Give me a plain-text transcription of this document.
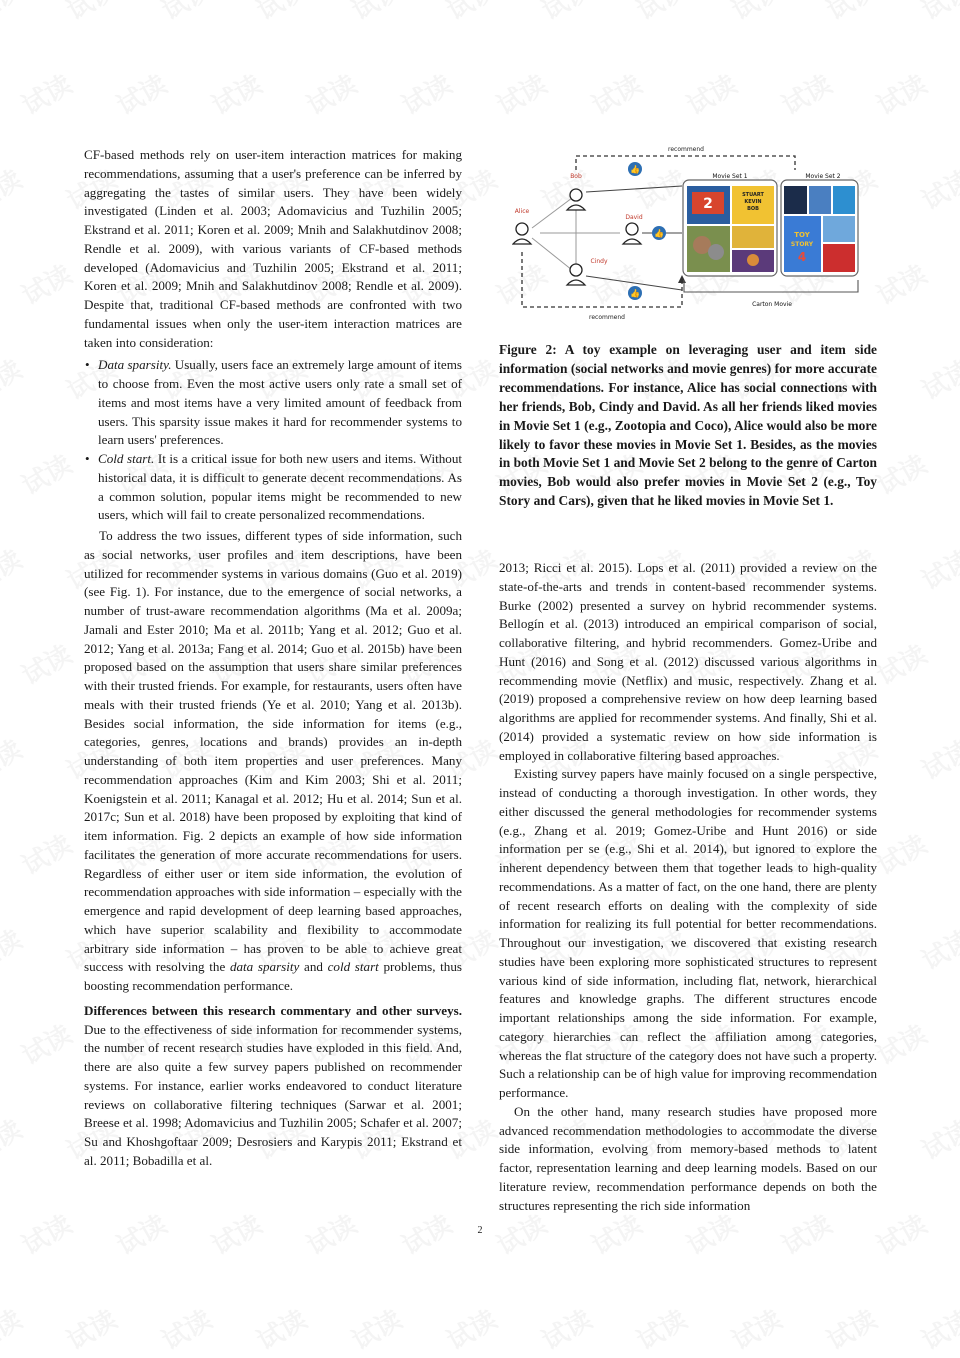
CF-based methods rely on user-item interaction matrices for making recommendations, assuming that a user's preference can be inferred by aggregating the tastes of similar users. They have been widely investigated (Linden et al. 2003; Adomavicius and Tuzhilin 2005; Ekstrand et al. 2011; Koren et al. 2009; Mnih and Salakhutdinov 2008; Rendle et al. 2009), with various variants of CF-based methods developed (Adomavicius and Tuzhilin 2005; Ekstrand et al. 2011; Koren et al. 2009; Mnih and Salakhutdinov 2008; Rendle et al. 2009). Despite that, traditional CF-based methods are confronted with two fundamental issues when only the user-item interaction matrices are taken into consideration:

• Data sparsity. Usually, users face an extremely large amount of items to choose from. Even the most active users only rate a small set of items and most items have a very limited amount of feedback from users. This sparsity issue makes it hard for recommender systems to learn users' preferences.
• Cold start. It is a critical issue for both new users and items. Without historical data, it is difficult to generate decent recommendations. As a common solution, popular items might be recommended to new users, which will fail to create personalized recommendations.

To address the two issues, different types of side information, such as social networks, user profiles and item descriptions, have been utilized for recommender systems in various domains (Guo et al. 2019) (see Fig. 1). For instance, due to the emergence of social networks, a number of trust-aware recommendation algorithms (Ma et al. 2009a; Jamali and Ester 2010; Ma et al. 2011b; Yang et al. 2012; Guo et al. 2012; Yang et al. 2013a; Fang et al. 2014; Guo et al. 2015b) have been proposed based on the assumption that users share similar preferences with their trusted friends. For example, for restaurants, users often have meals with their trusted friends (Ye et al. 2010; Yang et al. 2013b). Besides social information, the side information for items (e.g., categories, genres, locations and brands) provides an in-depth understanding of both item properties and user preferences. Many recommendation approaches (Kim and Kim 2003; Shi et al. 2011; Koenigstein et al. 2011; Kanagal et al. 2012; Hu et al. 2014; Sun et al. 2017c; Sun et al. 2018) have been proposed by exploiting that kind of item information. Fig. 2 depicts an example of how side information facilitates the generation of more accurate recommendations for users. Regardless of either user or item side information, the evolution of recommendation approaches with side information – especially with the emergence and rapid development of deep learning based approaches, which have superior scalability and flexibility to accommodate arbitrary side information – has proven to be able to achieve great success with resolving the data sparsity and cold start problems, thus boosting recommendation performance.

Differences between this research commentary and other surveys. Due to the effectiveness of side information for recommender systems, the number of recent research studies have exploded in this field. And, there are also quite a few survey papers published on recommender systems. For instance, earlier works endeavored to conduct literature reviews on collaborative filtering techniques (Sarwar et al. 2001; Breese et al. 1998; Adomavicius and Tuzhilin 2005; Schafer et al. 2007; Su and Khoshgoftaar 2009; Desrosiers and Karypis 2011; Ekstrand et al. 2011; Bobadilla et al.

recommend
recommend
👍
👍
👍
Alice
Bob
David
Cindy
Movie Set 1
2
STUART
KEVIN
BOB
Movie Set 2
TOY
STORY
4
Carton Movie
Figure 2: A toy example on leveraging user and item side information (social networks and movie genres) for more accurate recommendations. For instance, Alice has social connections with her friends, Bob, Cindy and David. As all her friends liked movies in Movie Set 1 (e.g., Zootopia and Coco), Alice would also be more likely to favor these movies in Movie Set 1. Besides, as the movies in both Movie Set 1 and Movie Set 2 belong to the genre of Carton movies, Bob would also prefer movies in Movie Set 2 (e.g., Toy Story and Cars), given that he liked movies in Movie Set 1.

2013; Ricci et al. 2015). Lops et al. (2011) provided a review on the state-of-the-arts and trends in content-based recommender systems. Burke (2002) presented a survey on hybrid recommender systems. Bellogín et al. (2013) introduced an empirical comparison of social, collaborative filtering, and hybrid recommenders. Gomez-Uribe and Hunt (2016) and Song et al. (2012) discussed various algorithms in recommending movie (Netflix) and music, respectively. Zhang et al. (2019) proposed a comprehensive review on how deep learning based algorithms are applied for recommender systems. And finally, Shi et al. (2014) provided a systematic review on how side information is employed in collaborative filtering based approaches.

Existing survey papers have mainly focused on a single perspective, instead of conducting a thorough investigation. In other words, they either discussed the general methodologies for recommender systems (e.g., Zhang et al. 2019; Gomez-Uribe and Hunt 2016) or side information per se (e.g., Shi et al. 2014), but ignored to explore the inherent dependency between them that together leads to high-quality recommendations. As a matter of fact, on the one hand, there are plenty of recent research efforts on dealing with the complexity of side information for realizing its full potential for better recommendations. Throughout our investigation, we discovered that existing research studies have been exploring more sophisticated structures to represent various kind of side information, including flat, network, hierarchical features and knowledge graphs. The different structures encode important relationships among the side information. For example, category hierarchies can reflect the affiliation among categories, whereas the flat structure of the category does not have such a property. Such a relationship can be of high value for improving recommendation performance.

On the other hand, many research studies have proposed more advanced recommendation methodologies to accommodate the diverse side information, evolving from memory-based methods to latent factor, representation learning and deep learning models. Based on our literature review, recommendation performance depends on both the structures representing the rich side information

2
